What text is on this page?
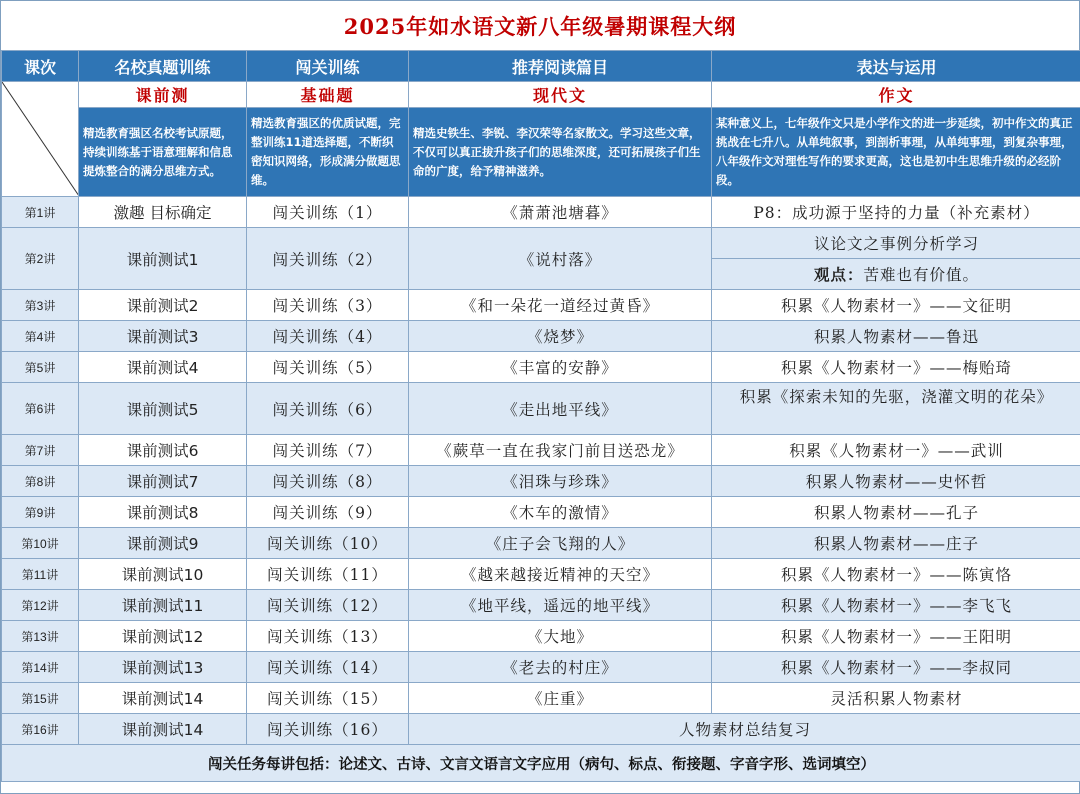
2025年如水语文新八年级暑期课程大纲
课次	名校真题训练	闯关训练	推荐阅读篇目	表达与运用

	课前测	基础题	现代文	作文
	精选教育强区名校考试原题，持续训练基于语意理解和信息提炼整合的满分思维方式。	精选教育强区的优质试题，完整训练11道选择题，不断织密知识网络，形成满分做题思维。	精选史铁生、李锐、李汉荣等名家散文。学习这些文章，不仅可以真正拔升孩子们的思维深度，还可拓展孩子们生命的广度，给予精神滋养。	某种意义上，七年级作文只是小学作文的进一步延续，初中作文的真正挑战在七升八。从单纯叙事，到剖析事理，从单纯事理，到复杂事理，八年级作文对理性写作的要求更高，这也是初中生思维升级的必经阶段。
第1讲	激趣 目标确定	闯关训练（1）	《萧萧池塘暮》	P8：成功源于坚持的力量（补充素材）

第2讲	课前测试1	闯关训练（2）	《说村落》	议论文之事例分析学习
				观点：苦难也有价值。
第3讲	课前测试2	闯关训练（3）	《和一朵花一道经过黄昏》	积累《人物素材一》——文征明

第4讲	课前测试3	闯关训练（4）	《烧梦》	积累人物素材——鲁迅

第5讲	课前测试4	闯关训练（5）	《丰富的安静》	积累《人物素材一》——梅贻琦

第6讲	课前测试5	闯关训练（6）	《走出地平线》	积累《探索未知的先驱，浇灌文明的花朵》

第7讲	课前测试6	闯关训练（7）	《蕨草一直在我家门前目送恐龙》	积累《人物素材一》——武训

第8讲	课前测试7	闯关训练（8）	《泪珠与珍珠》	积累人物素材——史怀哲

第9讲	课前测试8	闯关训练（9）	《木车的激情》	积累人物素材——孔子

第10讲	课前测试9	闯关训练（10）	《庄子会飞翔的人》	积累人物素材——庄子

第11讲	课前测试10	闯关训练（11）	《越来越接近精神的天空》	积累《人物素材一》——陈寅恪

第12讲	课前测试11	闯关训练（12）	《地平线，遥远的地平线》	积累《人物素材一》——李飞飞

第13讲	课前测试12	闯关训练（13）	《大地》	积累《人物素材一》——王阳明

第14讲	课前测试13	闯关训练（14）	《老去的村庄》	积累《人物素材一》——李叔同

第15讲	课前测试14	闯关训练（15）	《庄重》	灵活积累人物素材

第16讲	课前测试14	闯关训练（16）	人物素材总结复习	
闯关任务每讲包括：论述文、古诗、文言文语言文字应用（病句、标点、衔接题、字音字形、选词填空）				
